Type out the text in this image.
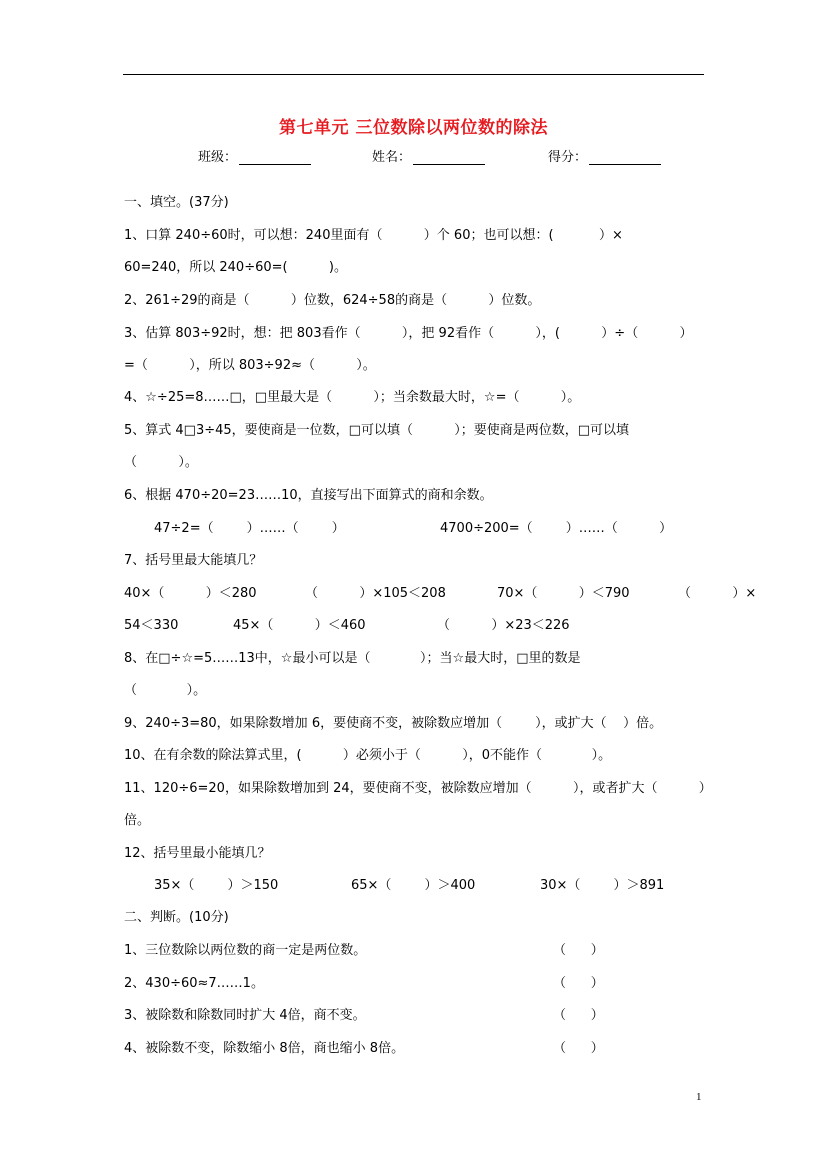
第七单元 三位数除以两位数的除法
班级：	姓名：	得分：
一、填空。(37分)
1、口算 240÷60时，可以想：240里面有（          ）个 60；也可以想：(           ）×
60=240，所以 240÷60=(          )。
2、261÷29的商是（          ）位数，624÷58的商是（          ）位数。
3、估算 803÷92时，想：把 803看作（          ），把 92看作（          ），(          ）÷（          ）
=（          ），所以 803÷92≈（          ）。
4、☆÷25=8……□，□里最大是（          ）；当余数最大时，☆=（          ）。
5、算式 4□3÷45，要使商是一位数，□可以填（          ）；要使商是两位数，□可以填
（          ）。
6、根据 470÷20=23……10，直接写出下面算式的商和余数。
47÷2=（        ）……（        ）	4700÷200=（        ）……（          ）
7、括号里最大能填几？
40×（          ）＜280	（          ）×105＜208	70×（          ）＜790	（          ）×
54＜330	45×（          ）＜460	（          ）×23＜226
8、在□÷☆=5……13中，☆最小可以是（            ）；当☆最大时，□里的数是
（            ）。
9、240÷3=80，如果除数增加 6，要使商不变，被除数应增加（        ），或扩大（    ）倍。
10、在有余数的除法算式里，(          ）必须小于（          ），0不能作（            ）。
11、120÷6=20，如果除数增加到 24，要使商不变，被除数应增加（          ），或者扩大（          ）
倍。
12、括号里最小能填几？
35×（        ）＞150	65×（        ）＞400	30×（        ）＞891
二、判断。(10分)
1、三位数除以两位数的商一定是两位数。	（      ）
2、430÷60≈7……1。	（      ）
3、被除数和除数同时扩大 4倍，商不变。	（      ）
4、被除数不变，除数缩小 8倍，商也缩小 8倍。	（      ）
1
